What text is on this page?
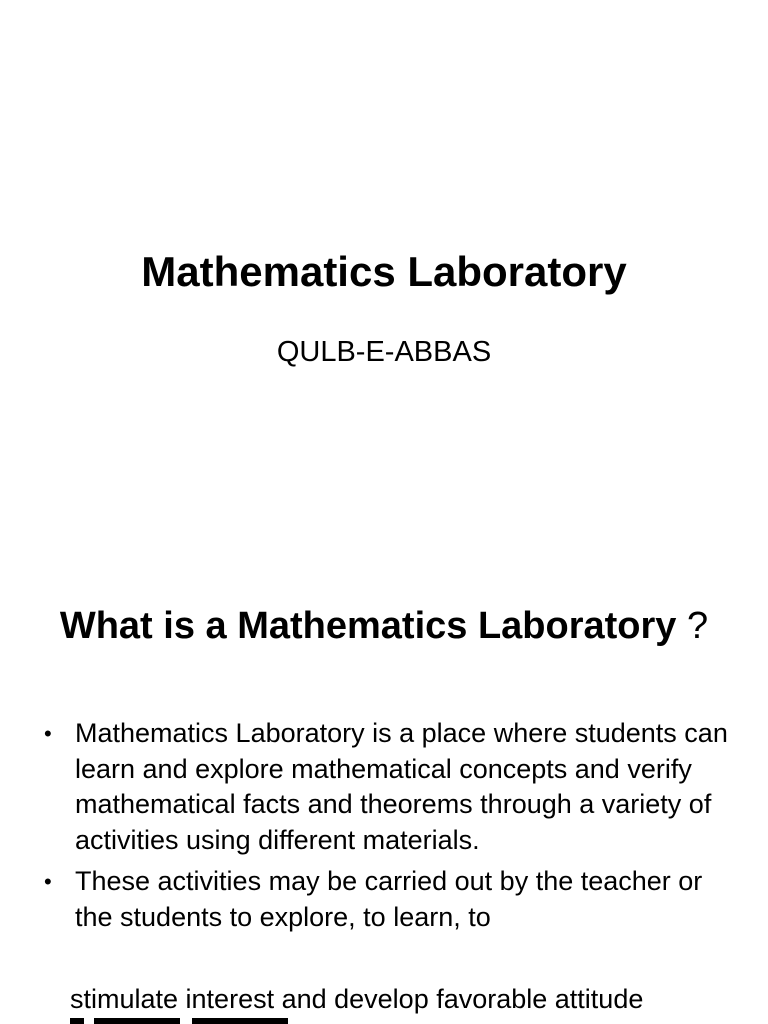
Mathematics Laboratory

QULB-E-ABBAS

What is a Mathematics Laboratory ?
• Mathematics Laboratory is a place where students can learn and explore mathematical concepts and verify mathematical facts and theorems through a variety of activities using different materials.
• These activities may be carried out by the teacher or the students to explore, to learn, to

stimulate interest and develop favorable attitude
